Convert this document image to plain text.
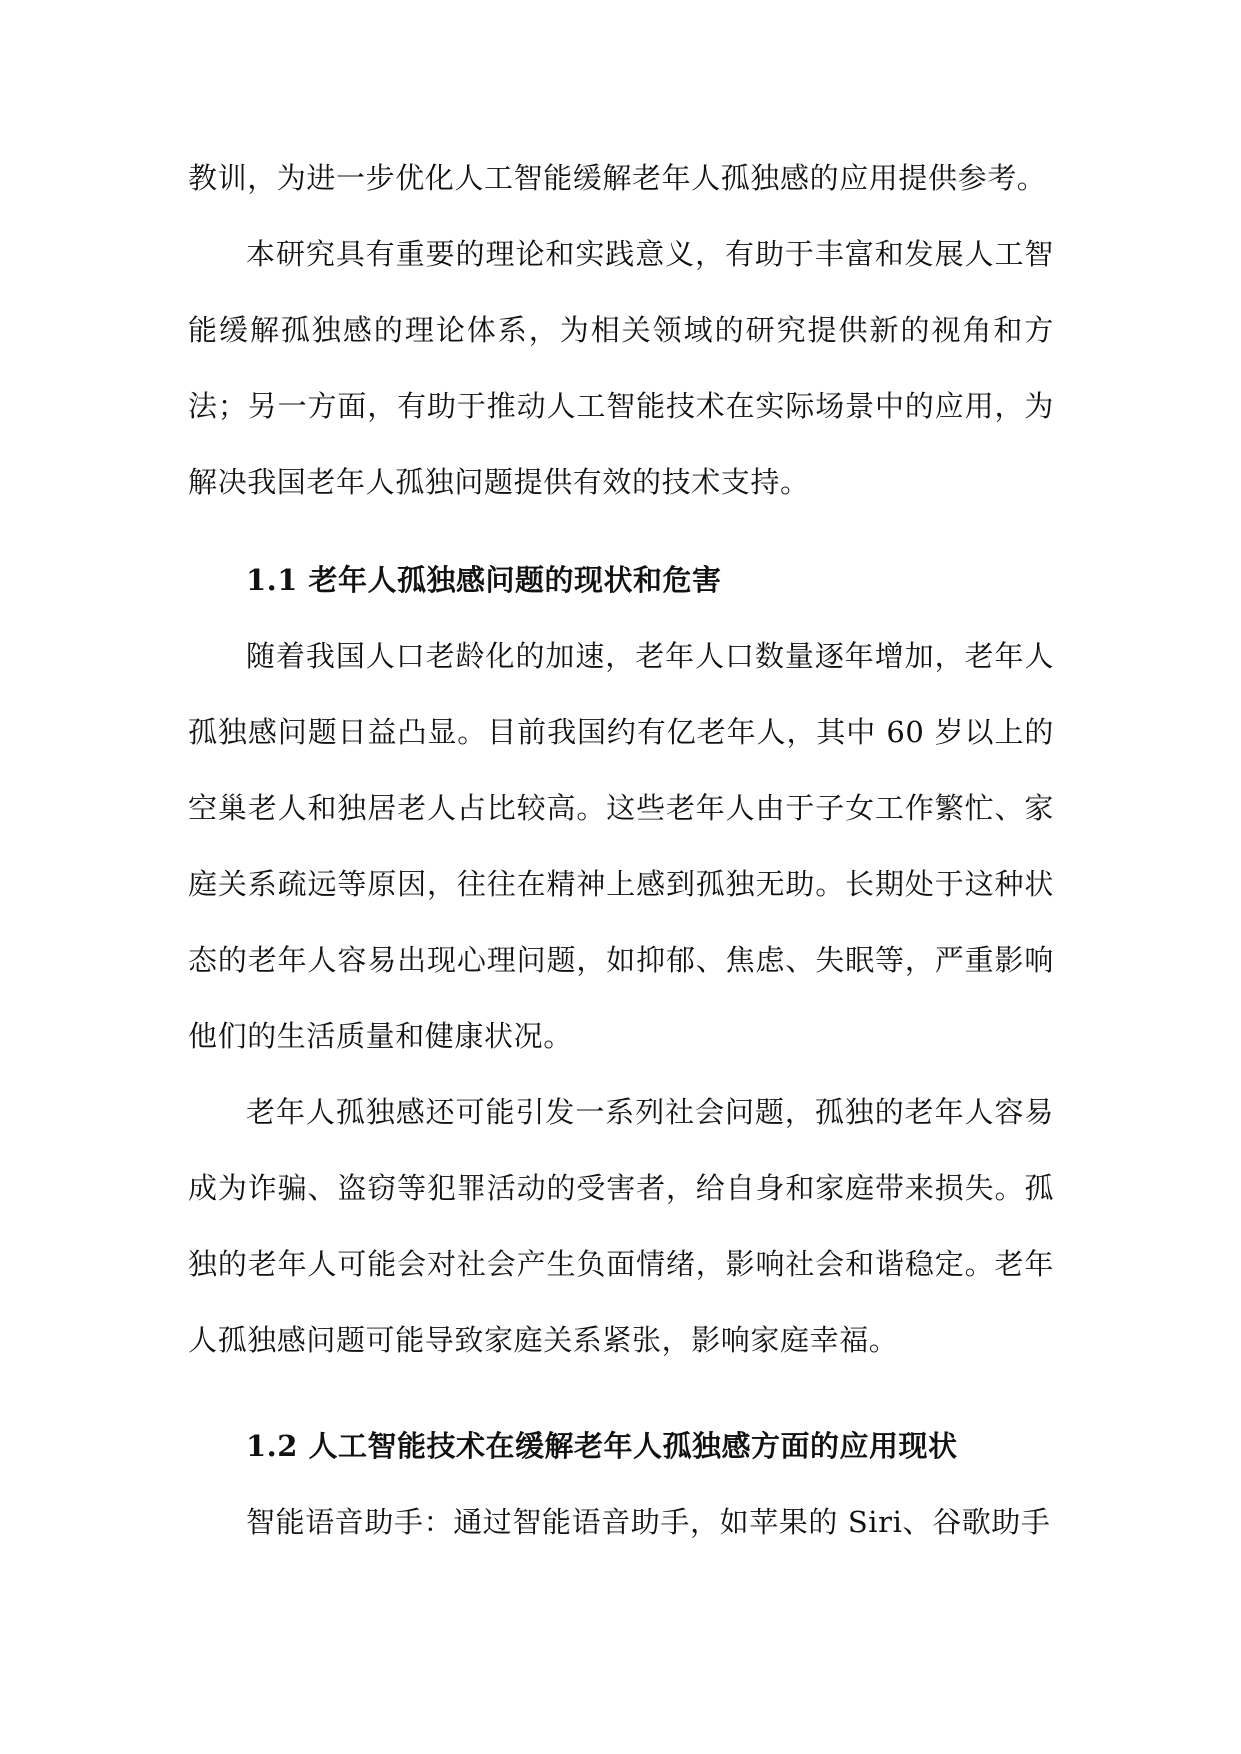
教训，为进一步优化人工智能缓解老年人孤独感的应用提供参考。

本研究具有重要的理论和实践意义，有助于丰富和发展人工智能缓解孤独感的理论体系，为相关领域的研究提供新的视角和方法；另一方面，有助于推动人工智能技术在实际场景中的应用，为解决我国老年人孤独问题提供有效的技术支持。

1.1 老年人孤独感问题的现状和危害

随着我国人口老龄化的加速，老年人口数量逐年增加，老年人孤独感问题日益凸显。目前我国约有亿老年人，其中 60 岁以上的空巢老人和独居老人占比较高。这些老年人由于子女工作繁忙、家庭关系疏远等原因，往往在精神上感到孤独无助。长期处于这种状态的老年人容易出现心理问题，如抑郁、焦虑、失眠等，严重影响他们的生活质量和健康状况。

老年人孤独感还可能引发一系列社会问题，孤独的老年人容易成为诈骗、盗窃等犯罪活动的受害者，给自身和家庭带来损失。孤独的老年人可能会对社会产生负面情绪，影响社会和谐稳定。老年人孤独感问题可能导致家庭关系紧张，影响家庭幸福。

1.2 人工智能技术在缓解老年人孤独感方面的应用现状

智能语音助手：通过智能语音助手，如苹果的 Siri、谷歌助手
